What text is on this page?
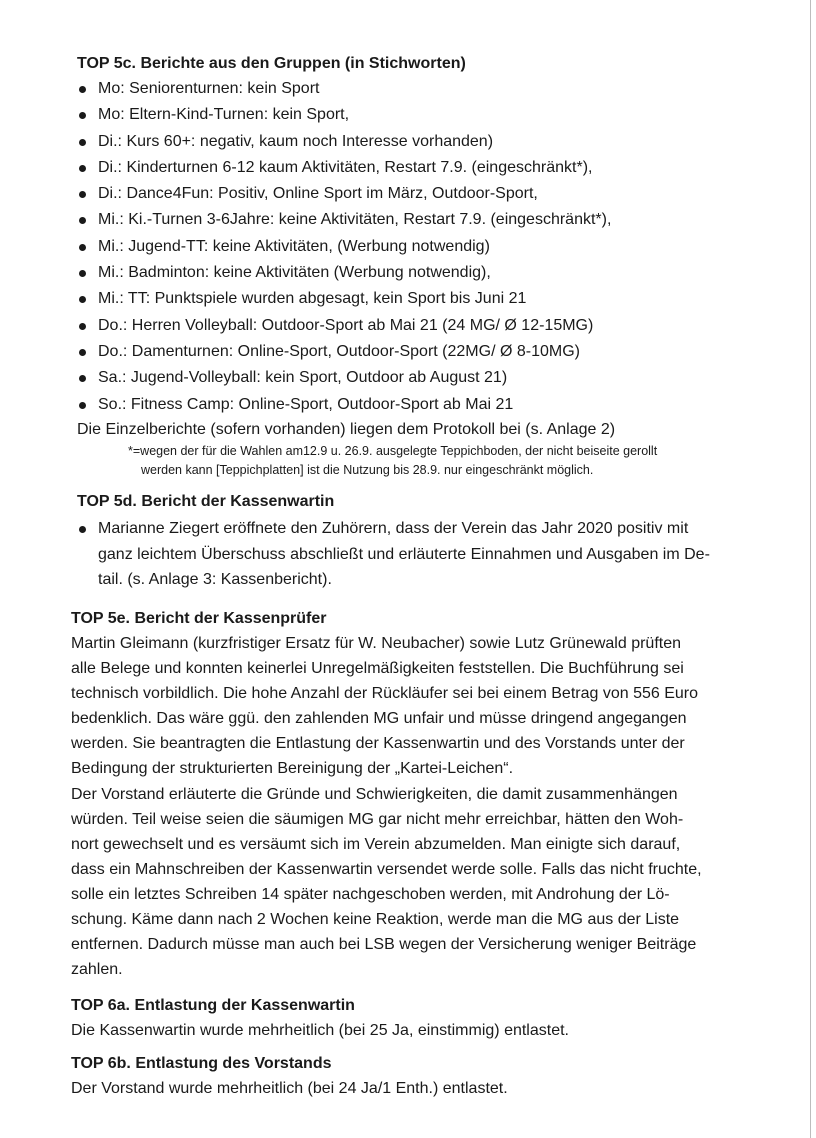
TOP 5c. Berichte aus den Gruppen (in Stichworten)
Mo: Seniorenturnen: kein Sport
Mo: Eltern-Kind-Turnen: kein Sport,
Di.: Kurs 60+: negativ, kaum noch Interesse vorhanden)
Di.: Kinderturnen 6-12 kaum Aktivitäten, Restart 7.9. (eingeschränkt*),
Di.: Dance4Fun: Positiv, Online Sport im März, Outdoor-Sport,
Mi.: Ki.-Turnen 3-6Jahre: keine Aktivitäten, Restart 7.9. (eingeschränkt*),
Mi.: Jugend-TT: keine Aktivitäten, (Werbung notwendig)
Mi.: Badminton: keine Aktivitäten (Werbung notwendig),
Mi.: TT: Punktspiele wurden abgesagt, kein Sport bis Juni 21
Do.: Herren Volleyball: Outdoor-Sport ab Mai 21 (24 MG/ Ø 12-15MG)
Do.: Damenturnen: Online-Sport, Outdoor-Sport (22MG/ Ø 8-10MG)
Sa.: Jugend-Volleyball: kein Sport, Outdoor ab August 21)
So.: Fitness Camp: Online-Sport, Outdoor-Sport ab Mai 21

Die Einzelberichte (sofern vorhanden) liegen dem Protokoll bei (s. Anlage 2)

*=wegen der für die Wahlen am12.9 u. 26.9. ausgelegte Teppichboden, der nicht beiseite gerollt

werden kann [Teppichplatten] ist die Nutzung bis 28.9. nur eingeschränkt möglich.

TOP 5d. Bericht der Kassenwartin
Marianne Ziegert eröffnete den Zuhörern, dass der Verein das Jahr 2020 positiv mit
ganz leichtem Überschuss abschließt und erläuterte Einnahmen und Ausgaben im De-
tail. (s. Anlage 3: Kassenbericht).
TOP 5e. Bericht der Kassenprüfer

Martin Gleimann (kurzfristiger Ersatz für W. Neubacher) sowie Lutz Grünewald prüften

alle Belege und konnten keinerlei Unregelmäßigkeiten feststellen. Die Buchführung sei

technisch vorbildlich. Die hohe Anzahl der Rückläufer sei bei einem Betrag von 556 Euro

bedenklich. Das wäre ggü. den zahlenden MG unfair und müsse dringend angegangen

werden. Sie beantragten die Entlastung der Kassenwartin und des Vorstands unter der

Bedingung der strukturierten Bereinigung der „Kartei-Leichen“.

Der Vorstand erläuterte die Gründe und Schwierigkeiten, die damit zusammenhängen

würden. Teil weise seien die säumigen MG gar nicht mehr erreichbar, hätten den Woh-

nort gewechselt und es versäumt sich im Verein abzumelden. Man einigte sich darauf,

dass ein Mahnschreiben der Kassenwartin versendet werde solle. Falls das nicht fruchte,

solle ein letztes Schreiben 14 später nachgeschoben werden, mit Androhung der Lö-

schung. Käme dann nach 2 Wochen keine Reaktion, werde man die MG aus der Liste

entfernen. Dadurch müsse man auch bei LSB wegen der Versicherung weniger Beiträge

zahlen.

TOP 6a. Entlastung der Kassenwartin

Die Kassenwartin wurde mehrheitlich (bei 25 Ja, einstimmig) entlastet.

TOP 6b. Entlastung des Vorstands

Der Vorstand wurde mehrheitlich (bei 24 Ja/1 Enth.) entlastet.
